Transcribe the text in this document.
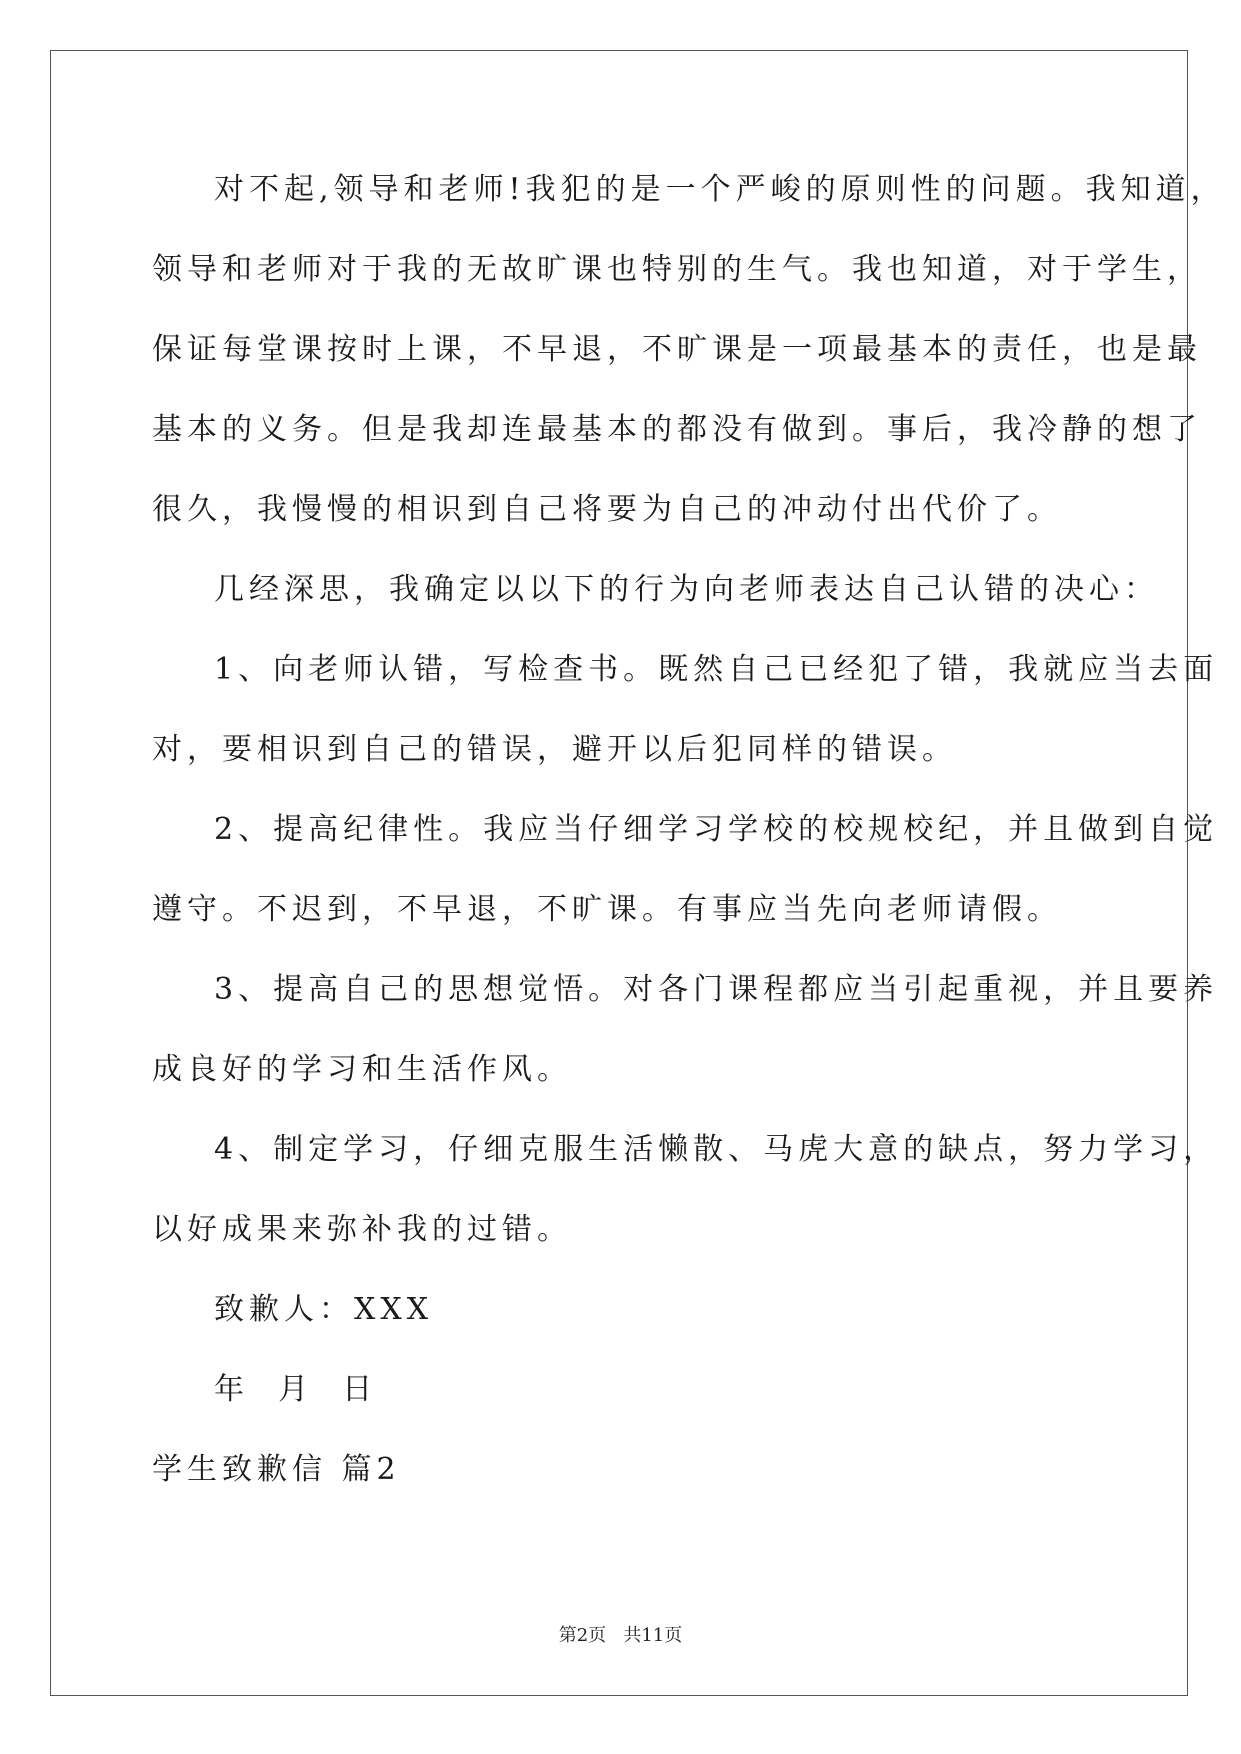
对不起,领导和老师!我犯的是一个严峻的原则性的问题。我知道，
领导和老师对于我的无故旷课也特别的生气。我也知道，对于学生，
保证每堂课按时上课，不早退，不旷课是一项最基本的责任，也是最
基本的义务。但是我却连最基本的都没有做到。事后，我冷静的想了
很久，我慢慢的相识到自己将要为自己的冲动付出代价了。
几经深思，我确定以以下的行为向老师表达自己认错的决心：
1、向老师认错，写检查书。既然自己已经犯了错，我就应当去面
对，要相识到自己的错误，避开以后犯同样的错误。
2、提高纪律性。我应当仔细学习学校的校规校纪，并且做到自觉
遵守。不迟到，不早退，不旷课。有事应当先向老师请假。
3、提高自己的思想觉悟。对各门课程都应当引起重视，并且要养
成良好的学习和生活作风。
4、制定学习，仔细克服生活懒散、马虎大意的缺点，努力学习，
以好成果来弥补我的过错。
致歉人：XXX
年  月  日
学生致歉信 篇2
第2页   共11页
